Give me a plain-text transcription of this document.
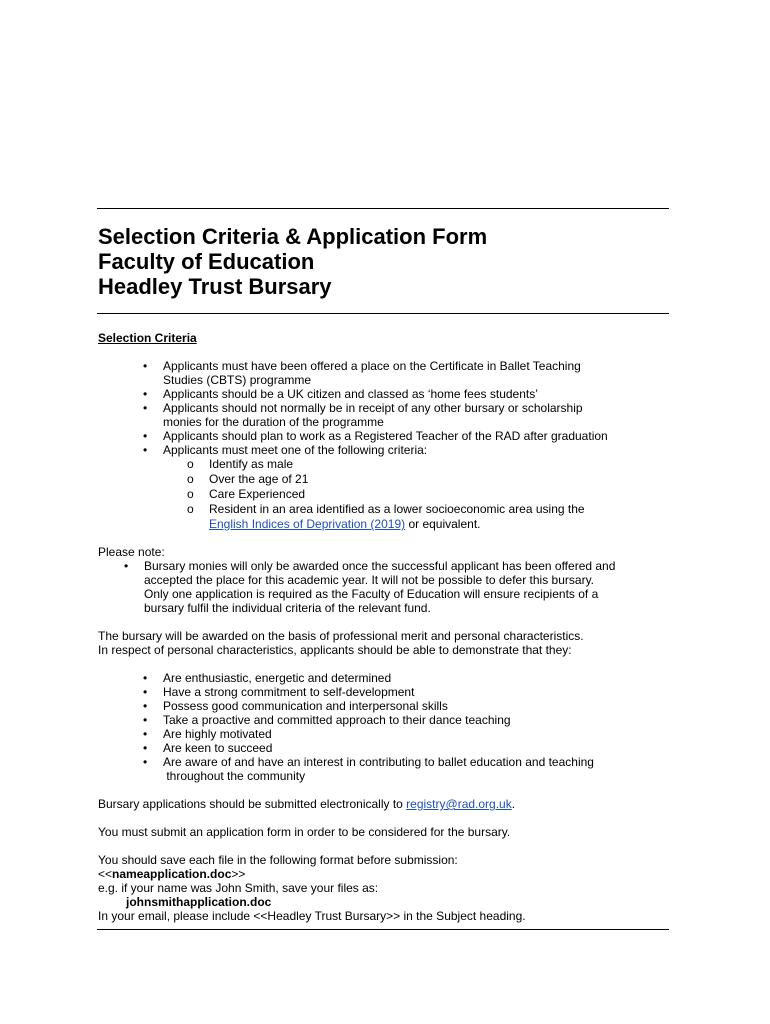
Selection Criteria & Application Form
Faculty of Education
Headley Trust Bursary
Selection Criteria
• Applicants must have been offered a place on the Certificate in Ballet Teaching
Studies (CBTS) programme
• Applicants should be a UK citizen and classed as ‘home fees students’
• Applicants should not normally be in receipt of any other bursary or scholarship
monies for the duration of the programme
• Applicants should plan to work as a Registered Teacher of the RAD after graduation
• Applicants must meet one of the following criteria:
o Identify as male
o Over the age of 21
o Care Experienced
o Resident in an area identified as a lower socioeconomic area using the
English Indices of Deprivation (2019) or equivalent.
Please note:
• Bursary monies will only be awarded once the successful applicant has been offered and
accepted the place for this academic year. It will not be possible to defer this bursary.
Only one application is required as the Faculty of Education will ensure recipients of a
bursary fulfil the individual criteria of the relevant fund.
The bursary will be awarded on the basis of professional merit and personal characteristics.
In respect of personal characteristics, applicants should be able to demonstrate that they:
• Are enthusiastic, energetic and determined
• Have a strong commitment to self-development
• Possess good communication and interpersonal skills
• Take a proactive and committed approach to their dance teaching
• Are highly motivated
• Are keen to succeed
• Are aware of and have an interest in contributing to ballet education and teaching
throughout the community
Bursary applications should be submitted electronically to registry@rad.org.uk.
You must submit an application form in order to be considered for the bursary.
You should save each file in the following format before submission:
<<nameapplication.doc>>
e.g. if your name was John Smith, save your files as:
johnsmithapplication.doc
In your email, please include <<Headley Trust Bursary>> in the Subject heading.
